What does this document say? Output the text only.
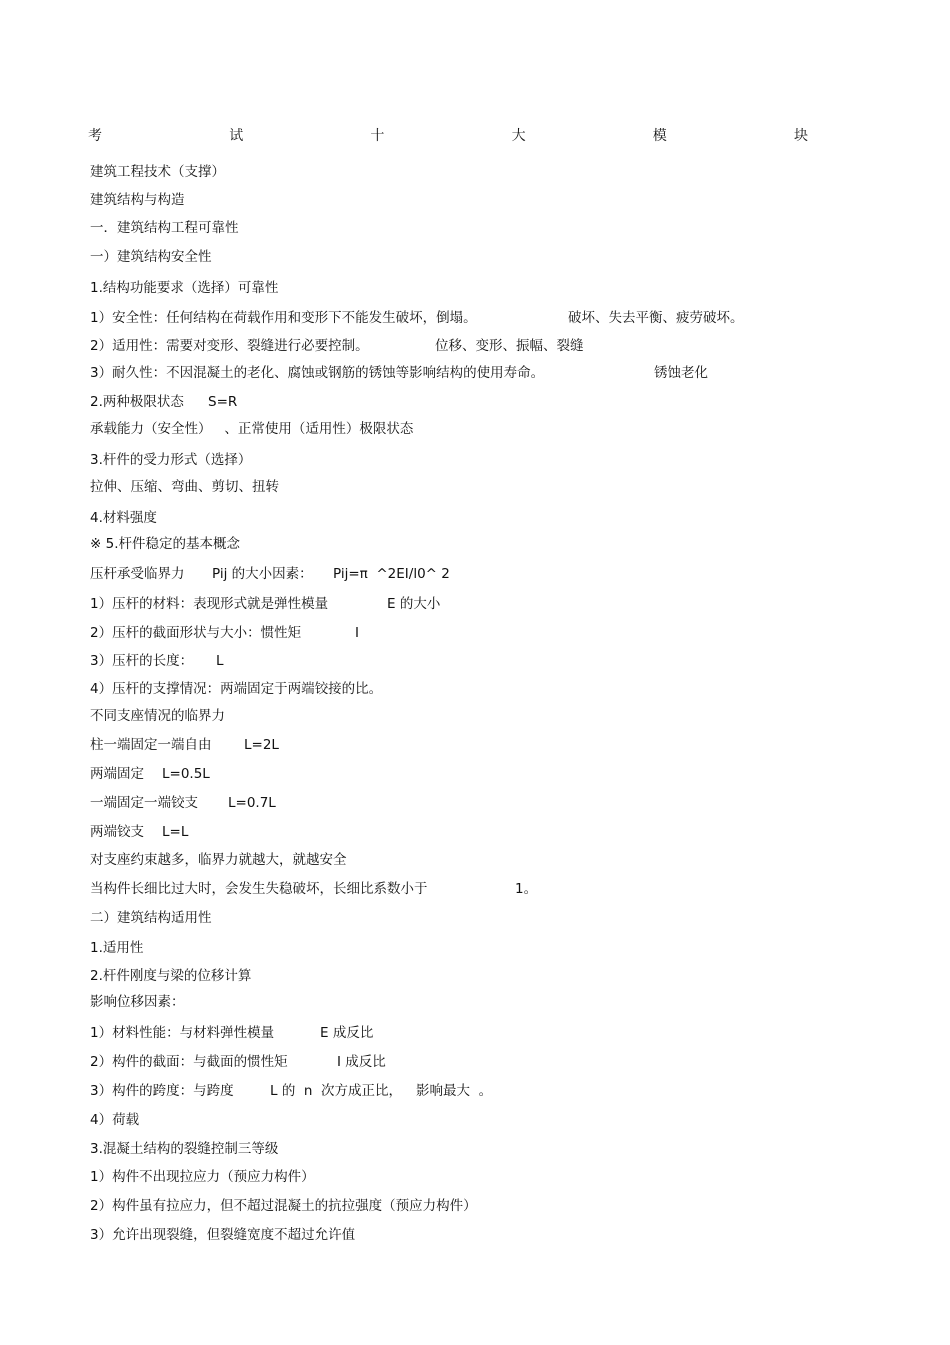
考	试	十	大	模	块
建筑工程技术（支撑）
建筑结构与构造
一．建筑结构工程可靠性
一）建筑结构安全性
1.结构功能要求（选择）可靠性

1）安全性：任何结构在荷载作用和变形下不能发生破坏，倒塌。

	破坏、失去平衡、疲劳破坏。

2）适用性：需要对变形、裂缝进行必要控制。

	位移、变形、振幅、裂缝

3）耐久性：不因混凝土的老化、腐蚀或钢筋的锈蚀等影响结构的使用寿命。

	锈蚀老化

2.两种极限状态

S=R

承载能力（安全性）   、正常使用（适用性）极限状态
3.杆件的受力形式（选择）
拉伸、压缩、弯曲、剪切、扭转
4.材料强度
※ 5.杆件稳定的基本概念

压杆承受临界力

Pij 的大小因素：

Pij=π  ^2EI/l0^ 2

1）压杆的材料：表现形式就是弹性模量

	E 的大小

2）压杆的截面形状与大小：惯性矩

	I

3）压杆的长度：

L

4）压杆的支撑情况：两端固定于两端铰接的比。
不同支座情况的临界力

柱一端固定一端自由

L=2L

两端固定

L=0.5L

一端固定一端铰支

L=0.7L

两端铰支

L=L

对支座约束越多，临界力就越大，就越安全

当构件长细比过大时，会发生失稳破坏，长细比系数小于

	1。

二）建筑结构适用性
1.适用性
2.杆件刚度与梁的位移计算
影响位移因素：

1）材料性能：与材料弹性模量

	E 成反比

2）构件的截面：与截面的惯性矩

	I 成反比

3）构件的跨度：与跨度

	L 的  n  次方成正比，

影响最大  。

4）荷载
3.混凝土结构的裂缝控制三等级
1）构件不出现拉应力（预应力构件）
2）构件虽有拉应力，但不超过混凝土的抗拉强度（预应力构件）
3）允许出现裂缝，但裂缝宽度不超过允许值
